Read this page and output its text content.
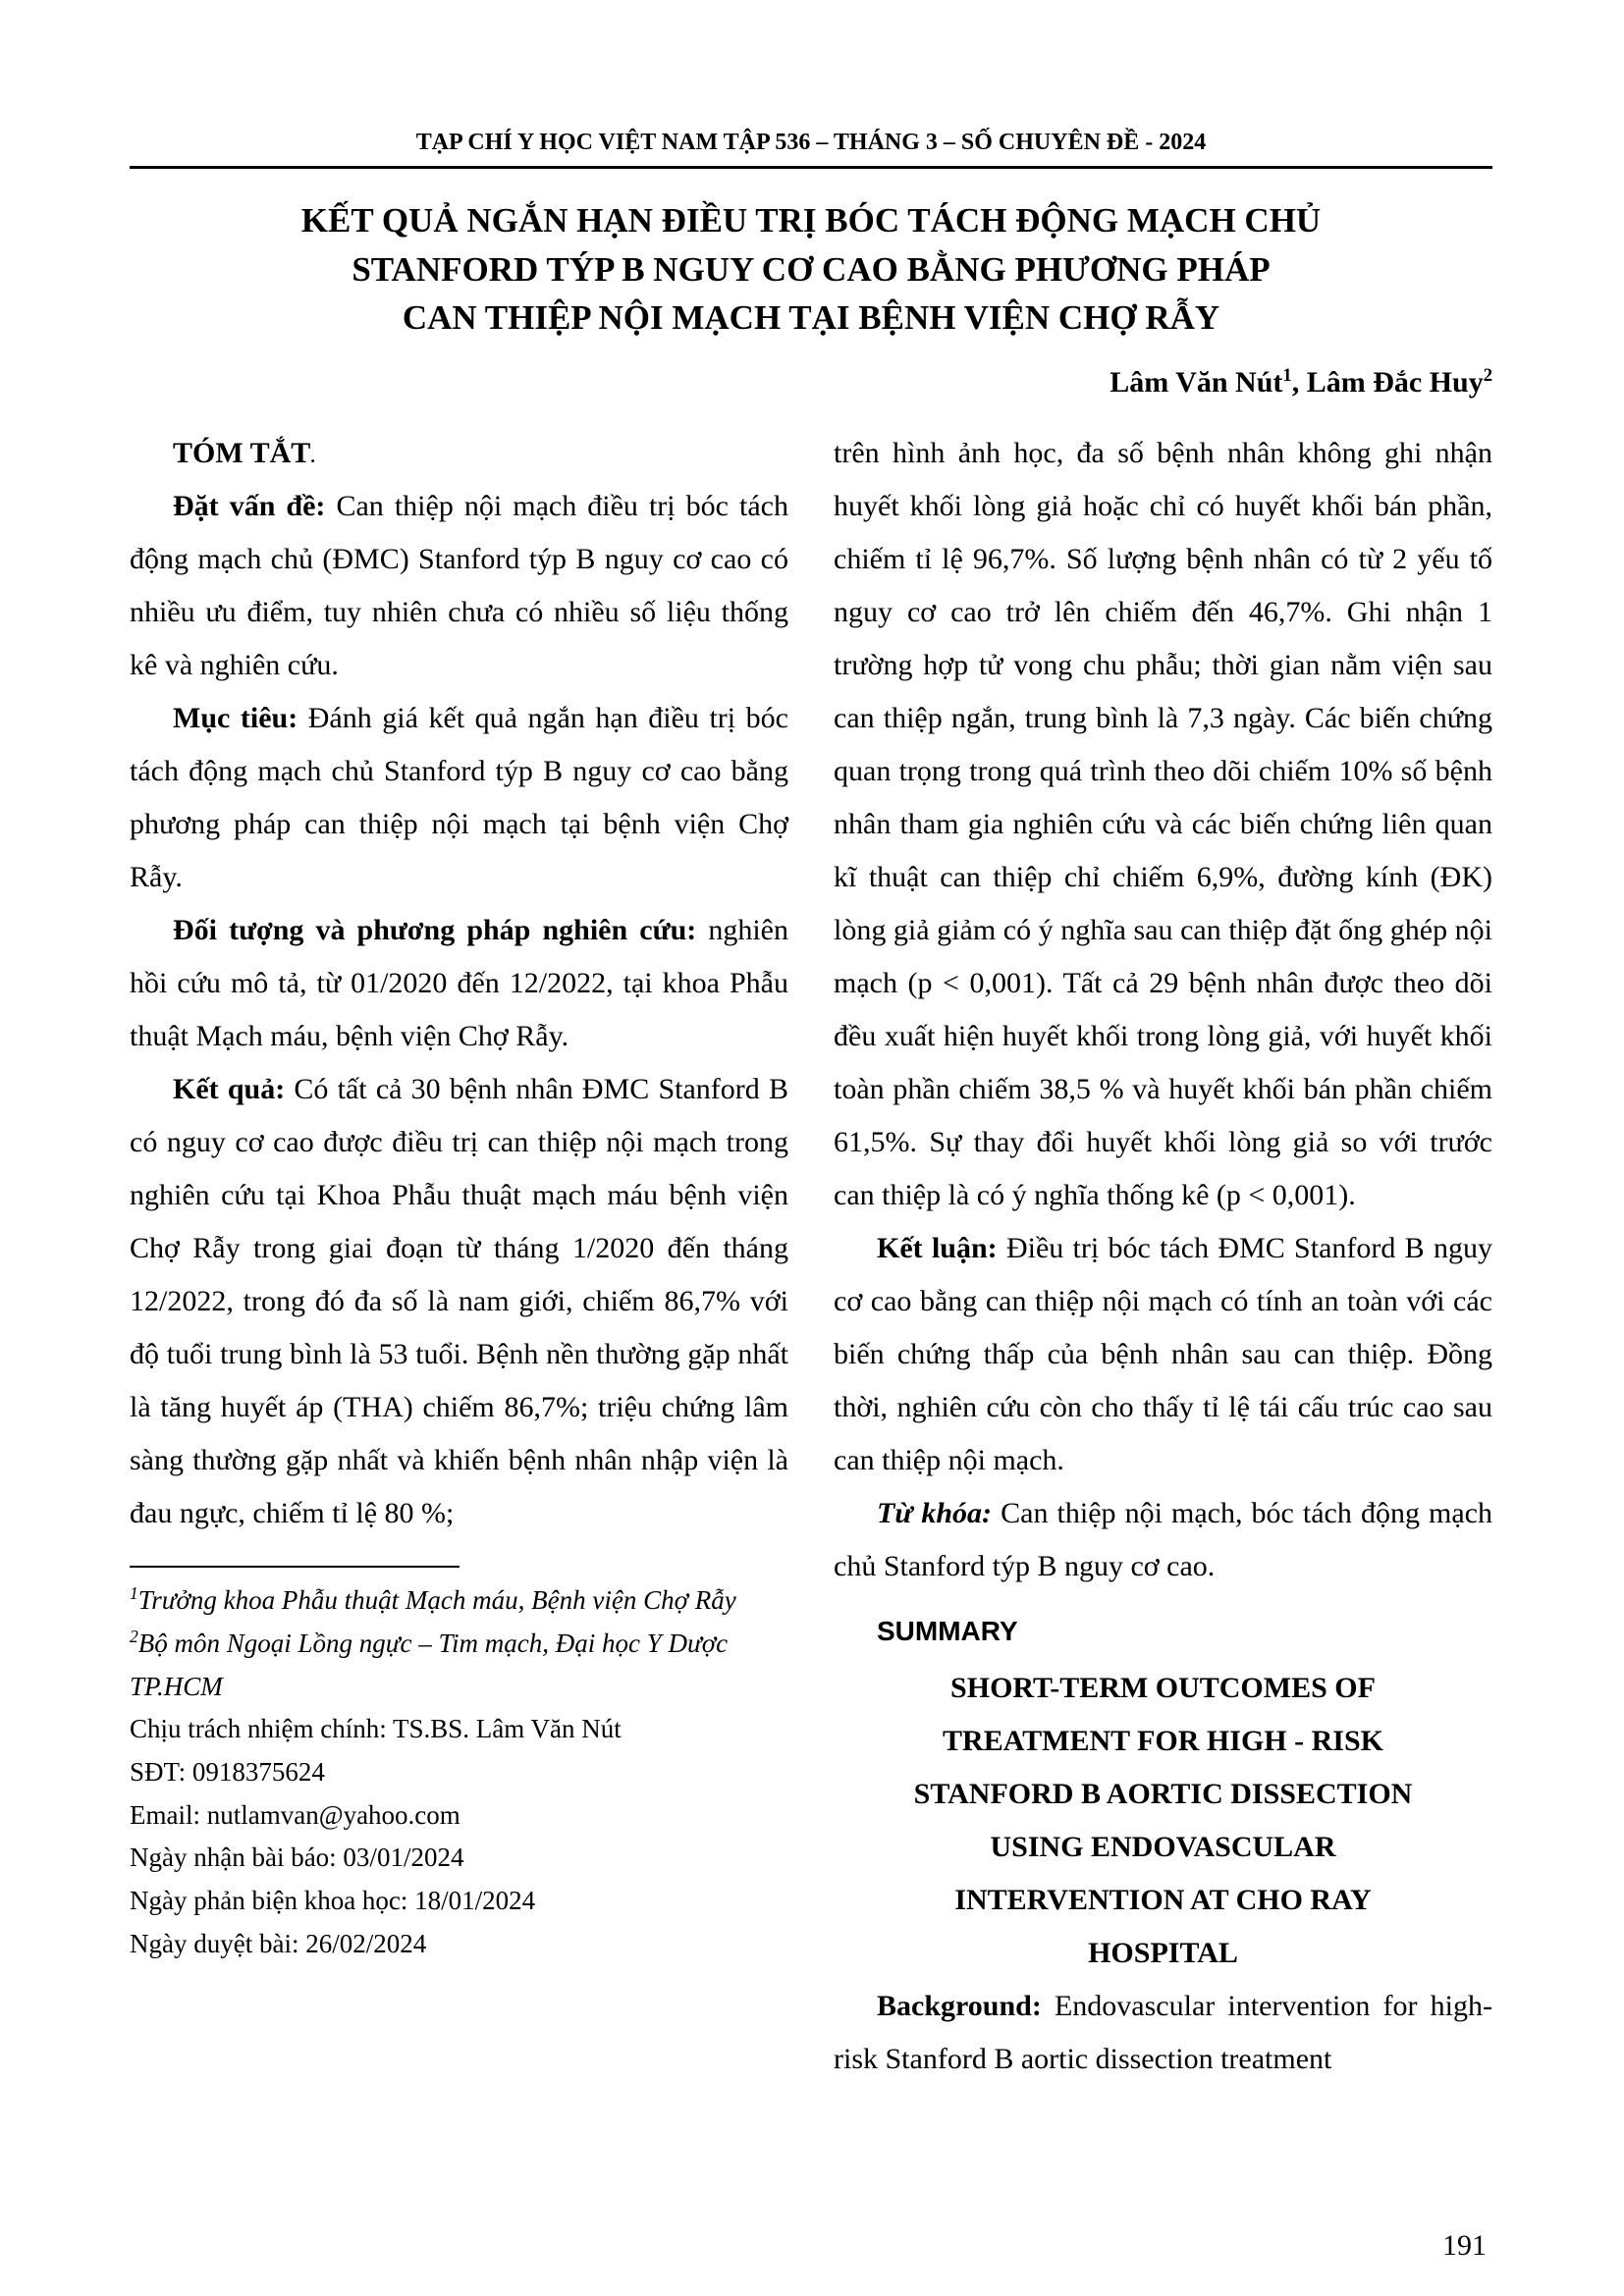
TẠP CHÍ Y HỌC VIỆT NAM TẬP 536 – THÁNG 3 – SỐ CHUYÊN ĐỀ - 2024
KẾT QUẢ NGẮN HẠN ĐIỀU TRỊ BÓC TÁCH ĐỘNG MẠCH CHỦ
STANFORD TÝP B NGUY CƠ CAO BẰNG PHƯƠNG PHÁP
CAN THIỆP NỘI MẠCH TẠI BỆNH VIỆN CHỢ RẪY
Lâm Văn Nút$^1$, Lâm Đắc Huy$^2$

TÓM TẮT.

Đặt vấn đề: Can thiệp nội mạch điều trị bóc tách động mạch chủ (ĐMC) Stanford týp B nguy cơ cao có nhiều ưu điểm, tuy nhiên chưa có nhiều số liệu thống kê và nghiên cứu.

Mục tiêu: Đánh giá kết quả ngắn hạn điều trị bóc tách động mạch chủ Stanford týp B nguy cơ cao bằng phương pháp can thiệp nội mạch tại bệnh viện Chợ Rẫy.

Đối tượng và phương pháp nghiên cứu: nghiên hồi cứu mô tả, từ 01/2020 đến 12/2022, tại khoa Phẫu thuật Mạch máu, bệnh viện Chợ Rẫy.

Kết quả: Có tất cả 30 bệnh nhân ĐMC Stanford B có nguy cơ cao được điều trị can thiệp nội mạch trong nghiên cứu tại Khoa Phẫu thuật mạch máu bệnh viện Chợ Rẫy trong giai đoạn từ tháng 1/2020 đến tháng 12/2022, trong đó đa số là nam giới, chiếm 86,7% với độ tuổi trung bình là 53 tuổi. Bệnh nền thường gặp nhất là tăng huyết áp (THA) chiếm 86,7%; triệu chứng lâm sàng thường gặp nhất và khiến bệnh nhân nhập viện là đau ngực, chiếm tỉ lệ 80 %;

$^1$Trưởng khoa Phẫu thuật Mạch máu, Bệnh viện Chợ Rẫy

$^2$Bộ môn Ngoại Lồng ngực – Tim mạch, Đại học Y Dược TP.HCM

Chịu trách nhiệm chính: TS.BS. Lâm Văn Nút

SĐT: 0918375624

Email: nutlamvan@yahoo.com

Ngày nhận bài báo: 03/01/2024

Ngày phản biện khoa học: 18/01/2024

Ngày duyệt bài: 26/02/2024

trên hình ảnh học, đa số bệnh nhân không ghi nhận huyết khối lòng giả hoặc chỉ có huyết khối bán phần, chiếm tỉ lệ 96,7%. Số lượng bệnh nhân có từ 2 yếu tố nguy cơ cao trở lên chiếm đến 46,7%. Ghi nhận 1 trường hợp tử vong chu phẫu; thời gian nằm viện sau can thiệp ngắn, trung bình là 7,3 ngày. Các biến chứng quan trọng trong quá trình theo dõi chiếm 10% số bệnh nhân tham gia nghiên cứu và các biến chứng liên quan kĩ thuật can thiệp chỉ chiếm 6,9%, đường kính (ĐK) lòng giả giảm có ý nghĩa sau can thiệp đặt ống ghép nội mạch (p < 0,001). Tất cả 29 bệnh nhân được theo dõi đều xuất hiện huyết khối trong lòng giả, với huyết khối toàn phần chiếm 38,5 % và huyết khối bán phần chiếm 61,5%. Sự thay đổi huyết khối lòng giả so với trước can thiệp là có ý nghĩa thống kê (p < 0,001).

Kết luận: Điều trị bóc tách ĐMC Stanford B nguy cơ cao bằng can thiệp nội mạch có tính an toàn với các biến chứng thấp của bệnh nhân sau can thiệp. Đồng thời, nghiên cứu còn cho thấy tỉ lệ tái cấu trúc cao sau can thiệp nội mạch.

Từ khóa: Can thiệp nội mạch, bóc tách động mạch chủ Stanford týp B nguy cơ cao.

SUMMARY

SHORT-TERM OUTCOMES OF
TREATMENT FOR HIGH - RISK
STANFORD B AORTIC DISSECTION
USING ENDOVASCULAR
INTERVENTION AT CHO RAY
HOSPITAL

Background: Endovascular intervention for high-risk Stanford B aortic dissection treatment

191
